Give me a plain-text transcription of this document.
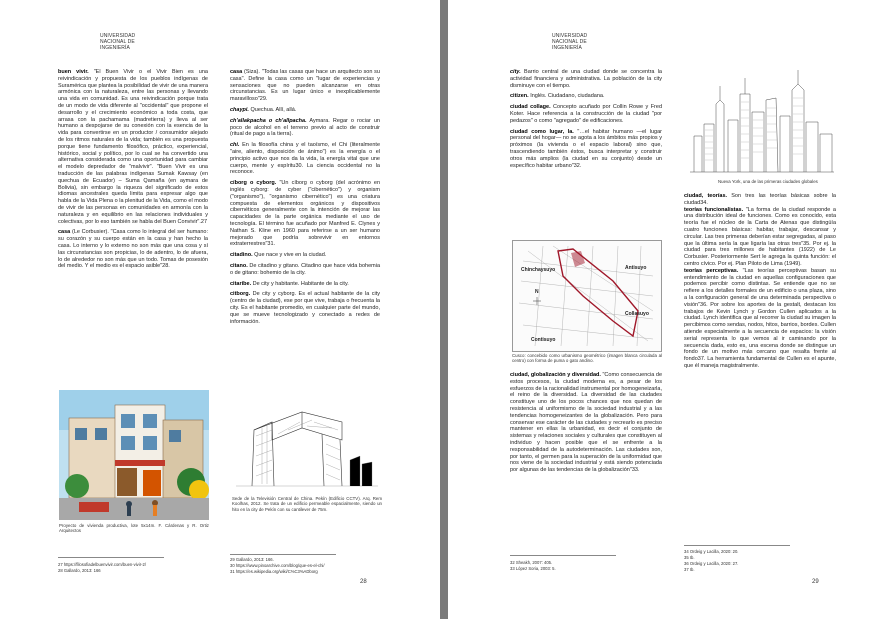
UNIVERSIDAD
NACIONAL DE
INGENIERÍA

buen vivir. "El Buen Vivir o el Vivir Bien es una reivindicación y propuesta de los pueblos indígenas de Suramérica que plantea la posibilidad de vivir de una manera armónica con la naturaleza, entre las personas y llevando una vida en comunidad. Es una reivindicación porque trata de un modo de vida diferente al "occidental" que propone el desarrollo y el crecimiento económico a toda costa, que arrasa con la pachamama (madretierra) y lleva al ser humano a despojarse de su conexión con la esencia de la vida para convertirse en un productor / consumidor alejado de los ritmos naturales de la vida; también es una propuesta porque tiene fundamento filosófico, práctico, experiencial, histórico, social y político, por lo cual se ha convertido una alternativa considerada como una oportunidad para cambiar el modelo depredador de "malvivir". "Buen Vivir es una traducción de las palabras indígenas Sumak Kawsay (en quechua de Ecuador) – Suma Qamaña (en aymara de Bolivia), sin embargo la riqueza del significado de estos idiomas ancestrales queda limita para expresar algo que habla de la Vida Plena o la plenitud de la Vida, como el modo de vivir de las personas en comunidades en armonía con la naturaleza y en equilibrio en las relaciones individuales y colectivas, por lo eso también se habla del Buen Convivir".27

casa (Le Corbusier). "Casa como lo integral del ser humano: su corazón y su cuerpo están en la casa y han hecho la casa. Lo interno y lo externo no son más que una cosa y sí las circunstancias son propicias, lo de adentro, lo de afuera, lo de alrededor no son más que un todo. Tomas de posesión del medio. Y el medio es el espacio asible"28.

Proyecto de vivienda productiva, lote 5x14m. F. Cárdenas y R. Ortiz Arquitectos

casa (Siza). "Todas las casas que hace un arquitecto son su casa". Define la casa como un "lugar de experiencias y sensaciones que no pueden alcanzarse en otras circunstancias. Es un lugar único e inexplicablemente maravilloso"29.

chaypi. Quechua. Allí, allá.

ch'allakpacha o ch'allpacha. Aymara. Regar o rociar un poco de alcohol en el terreno previo al acto de construir (ritual de pago a la tierra).

chi. En la filosofía china y el taoísmo, el Chi (literalmente "aire, aliento, disposición de ánimo") es la energía o el principio activo que nos da la vida, la energía vital que une cuerpo, mente y espíritu30. La ciencia occidental no la reconoce.

cíborg o cyborg. "Un cíborg o cyborg (del acrónimo en inglés cyborg: de cyber ("cibernético") y organism ("organismo"), "organismo cibernético") es una criatura compuesta de elementos orgánicos y dispositivos cibernéticos generalmente con la intención de mejorar las capacidades de la parte orgánica mediante el uso de tecnología. El término fue acuñado por Manfred E. Clynes y Nathan S. Kline en 1960 para referirse a un ser humano mejorado que podría sobrevivir en entornos extraterrestres"31.

citadino. Que nace y vive en la ciudad.

citano. De citadino y gitano. Citadino que hace vida bohemia o de gitano: bohemio de la city.

citaribe. De city y habitante. Habitante de la city.

citborg. De city y cyborg. Es el actual habitante de la city (centro de la ciudad), ese por que vive, trabaja o frecuenta la city. Es el habitante promedio, en cualquier parte del mundo, que se mueve tecnologizado y conectado a redes de información.

Sede de la Televisión Central de China. Pekín (Edificio CCTV). Arq. Rem Koolhas, 2012. Se trata de un edificio permeable espacialmente, siendo un hito en la city de Pekín con su cantilever de 75m.
27 https://filosofiadelbuenvivir.com/buen-vivir-2/
28 Gallardo, 2013: 166
29 Gallardo, 2013: 166.
30 https://www.pinoarchive.com/blog/que-es-el-chi/
31 https://es.wikipedia.org/wiki/C%C3%ADborg
28
UNIVERSIDAD
NACIONAL DE
INGENIERÍA

city. Barrio central de una ciudad donde se concentra la actividad financiera y administrativa. La población de la city disminuye con el tiempo.

citizen. Inglés. Ciudadano, ciudadana.

ciudad collage. Concepto acuñado por Collin Rowe y Fred Koter. Hace referencia a la construcción de la ciudad "por pedazos" o como "agregado" de edificaciones.

ciudad como lugar, la. "…el habitar humano —el lugar personal del hogar— no se agota a los ámbitos más propios y próximos (la vivienda o el espacio laboral) sino que, trascendiendo también éstos, busca interpretar y construir otros más amplios (la ciudad en su conjunto) desde un específico habitar urbano"32.

Chinchaysuyo	Antisuyo
Collasuyo
Contisuyo
N
Cusco: concebido como urbanismo geométrico (imagen blanca circulada al centro) con forma de puma o gato andino.

ciudad, globalización y diversidad. "Como consecuencia de estos procesos, la ciudad moderna es, a pesar de los esfuerzos de la racionalidad instrumental por homogeneizarla, el reino de la diversidad. La diversidad de las ciudades constituye uno de los pocos chances que nos quedan de resistencia al uniformismo de la sociedad industrial y a las tendencias homogeneizantes de la globalización. Pero para conservar ese carácter de las ciudades y recrearlo es preciso mantener en ellas la urbanidad, es decir el conjunto de sistemas y relaciones sociales y culturales que constituyen al individuo y hacen posible que el se enfrente a la responsabilidad de la autodeterminación. Las ciudades son, por tanto, el germen para la superación de la uniformidad que nos viene de la sociedad industrial y está siendo potenciada por algunas de las tendencias de la globalización"33.

Nueva York, una de las primeras ciudades globales

ciudad, teorías. Son tres las teorías básicas sobre la ciudad34.

teorías funcionalistas. "La forma de la ciudad responde a una distribución ideal de funciones. Como es conocido, esta teoría fue el núcleo de la Carta de Atenas que distingüía cuatro funciones básicas: habitar, trabajar, descansar y circular. Las tres primeras deberían estar segregadas, al paso que la última sería la que ligaría las otras tres"35. Por ej. la ciudad para tres millones de habitantes (1922) de Le Corbusier. Posteriormente Sert le agrega la quinta función: el centro cívico. Por ej. Plan Piloto de Lima (1949).

teorías perceptivas. "Las teorías perceptivas basan su entendimiento de la ciudad en aquellas configuraciones que podemos percibir como distintas. Se entiende que no se refiere a los detalles formales de un edificio o una plaza, sino a la configuración general de una determinada perspectiva o visión"36. Por sobre los aportes de la gestalt, destacan los trabajos de Kevin Lynch y Gordon Cullen aplicados a la ciudad. Lynch identifica que al recorrer la ciudad su imagen la percibimos como sendas, nodos, hitos, barrios, bordes. Cullen atiende especialmente a la secuencia de espacios: la visión serial representa lo que vemos al ir caminando por la secuencia dada, esto es, una escena donde se distingue un fondo de un motivo más cercano que resalta frente al fondo37. La herramienta fundamental de Cullen es el apunte, que él maneja magistralmente.

32 Sheakh, 2007: 405.
33 López Soria, 2003: 5.
34 Ordeig y Lacilla, 2020: 20.
35 Ib.
36 Ordeig y Lacilla, 2020: 27.
37 Ib.
29
